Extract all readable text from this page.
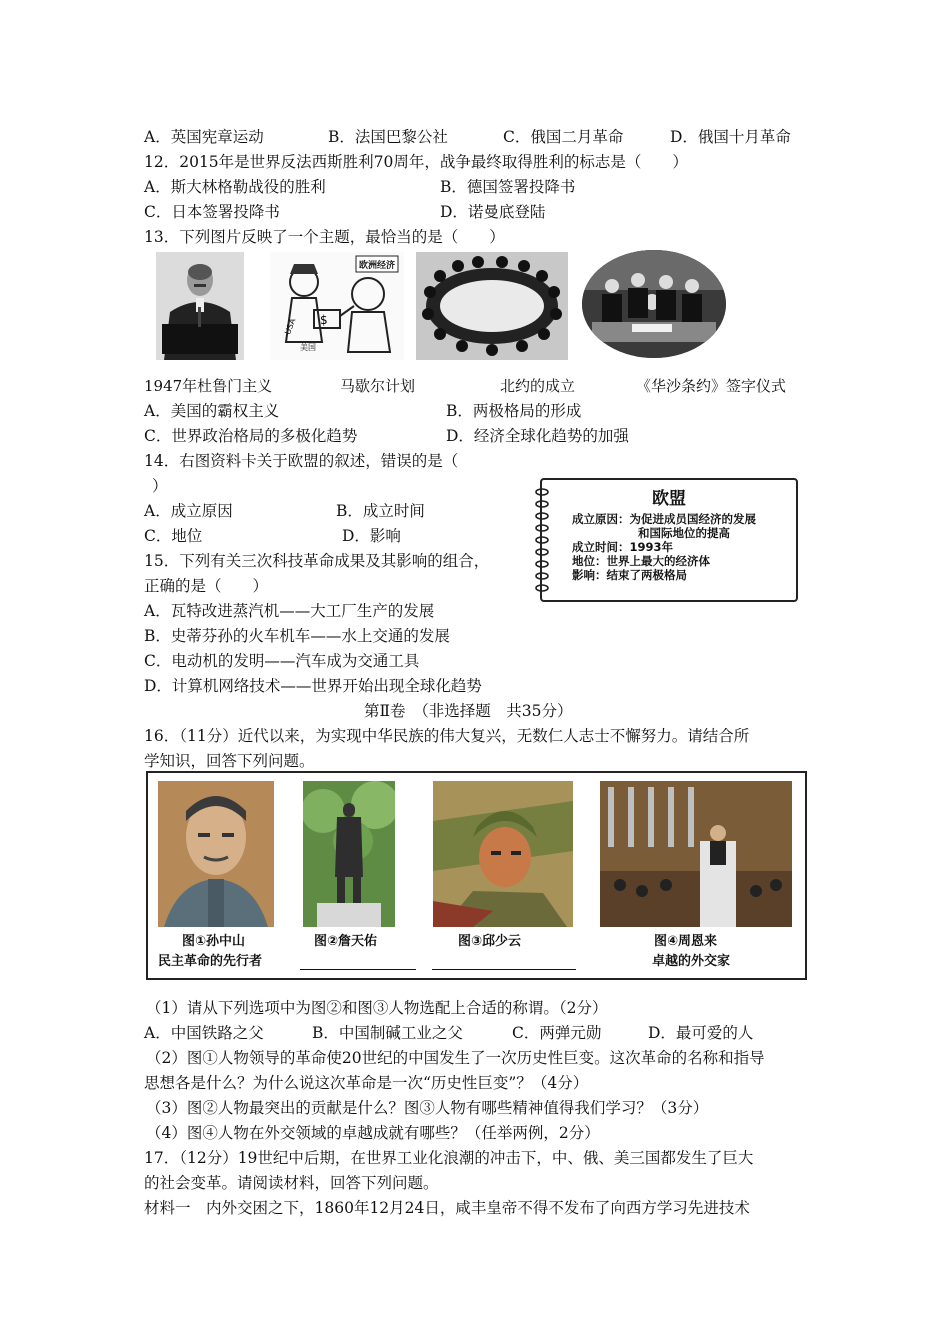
A．英国宪章运动	B．法国巴黎公社	C．俄国二月革命	D．俄国十月革命
12．2015年是世界反法西斯胜利70周年，战争最终取得胜利的标志是（　　）
A．斯大林格勒战役的胜利	B．德国签署投降书
C．日本签署投降书	D．诺曼底登陆
13．下列图片反映了一个主题，最恰当的是（　　）
$
欧洲经济
USA
美国
1947年杜鲁门主义	马歇尔计划	北约的成立	《华沙条约》签字仪式
A．美国的霸权主义	B．两极格局的形成
C．世界政治格局的多极化趋势	D．经济全球化趋势的加强
14．右图资料卡关于欧盟的叙述，错误的是（
）
A．成立原因	B．成立时间
C．地位	D．影响
欧盟
成立原因：为促进成员国经济的发展
和国际地位的提高
成立时间：1993年
地位：世界上最大的经济体
影响：结束了两极格局
15．下列有关三次科技革命成果及其影响的组合，
正确的是（　　）
A．瓦特改进蒸汽机——大工厂生产的发展
B．史蒂芬孙的火车机车——水上交通的发展
C．电动机的发明——汽车成为交通工具
D．计算机网络技术——世界开始出现全球化趋势
第Ⅱ卷　（非选择题　共35分）
16．（11分）近代以来，为实现中华民族的伟大复兴，无数仁人志士不懈努力。请结合所
学知识，回答下列问题。
图①孙中山
民主革命的先行者
图②詹天佑	图③邱少云	图④周恩来
卓越的外交家
（1）请从下列选项中为图②和图③人物选配上合适的称谓。（2分）
A．中国铁路之父	B．中国制碱工业之父	C．两弹元勋	D．最可爱的人
（2）图①人物领导的革命使20世纪的中国发生了一次历史性巨变。这次革命的名称和指导
思想各是什么？为什么说这次革命是一次“历史性巨变”？（4分）
（3）图②人物最突出的贡献是什么？图③人物有哪些精神值得我们学习？（3分）
（4）图④人物在外交领域的卓越成就有哪些？（任举两例，2分）
17．（12分）19世纪中后期，在世界工业化浪潮的冲击下，中、俄、美三国都发生了巨大
的社会变革。请阅读材料，回答下列问题。
材料一　内外交困之下，1860年12月24日，咸丰皇帝不得不发布了向西方学习先进技术
